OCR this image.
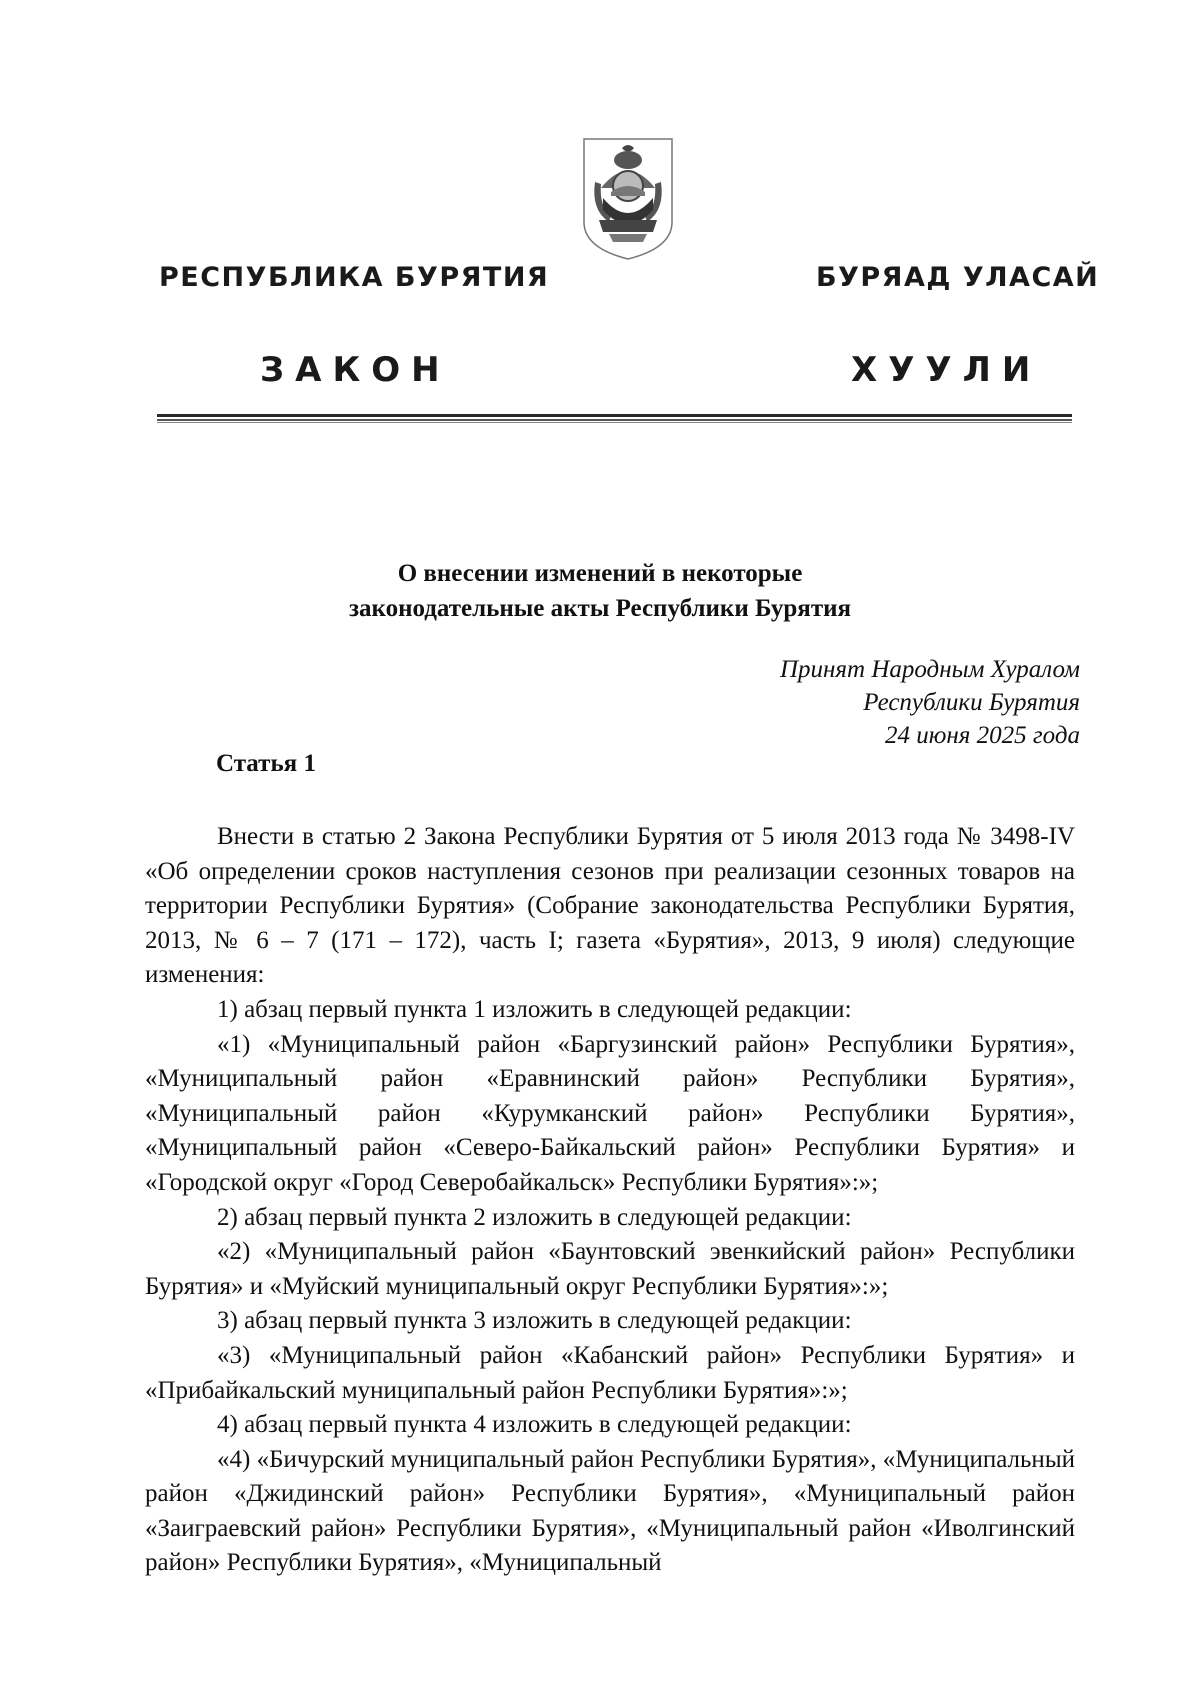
РЕСПУБЛИКА БУРЯТИЯ	БУРЯАД УЛАСАЙ
ЗАКОН	ХУУЛИ
О внесении изменений в некоторые
законодательные акты Республики Бурятия
Принят Народным Хуралом
Республики Бурятия
24 июня 2025 года
Статья 1

Внести в статью 2 Закона Республики Бурятия от 5 июля 2013 года № 3498-IV «Об определении сроков наступления сезонов при реализации сезонных товаров на территории Республики Бурятия» (Собрание законодательства Республики Бурятия, 2013, № 6 – 7 (171 – 172), часть I; газета «Бурятия», 2013, 9 июля) следующие изменения:

1) абзац первый пункта 1 изложить в следующей редакции:

«1) «Муниципальный район «Баргузинский район» Республики Бурятия», «Муниципальный район «Еравнинский район» Республики Бурятия», «Муниципальный район «Курумканский район» Республики Бурятия», «Муниципальный район «Северо-Байкальский район» Республики Бурятия» и «Городской округ «Город Северобайкальск» Республики Бурятия»:»;

2) абзац первый пункта 2 изложить в следующей редакции:

«2) «Муниципальный район «Баунтовский эвенкийский район» Республики Бурятия» и «Муйский муниципальный округ Республики Бурятия»:»;

3) абзац первый пункта 3 изложить в следующей редакции:

«3) «Муниципальный район «Кабанский район» Республики Бурятия» и «Прибайкальский муниципальный район Республики Бурятия»:»;

4) абзац первый пункта 4 изложить в следующей редакции:

«4) «Бичурский муниципальный район Республики Бурятия», «Муниципальный район «Джидинский район» Республики Бурятия», «Муниципальный район «Заиграевский район» Республики Бурятия», «Муниципальный район «Иволгинский район» Республики Бурятия», «Муниципальный
